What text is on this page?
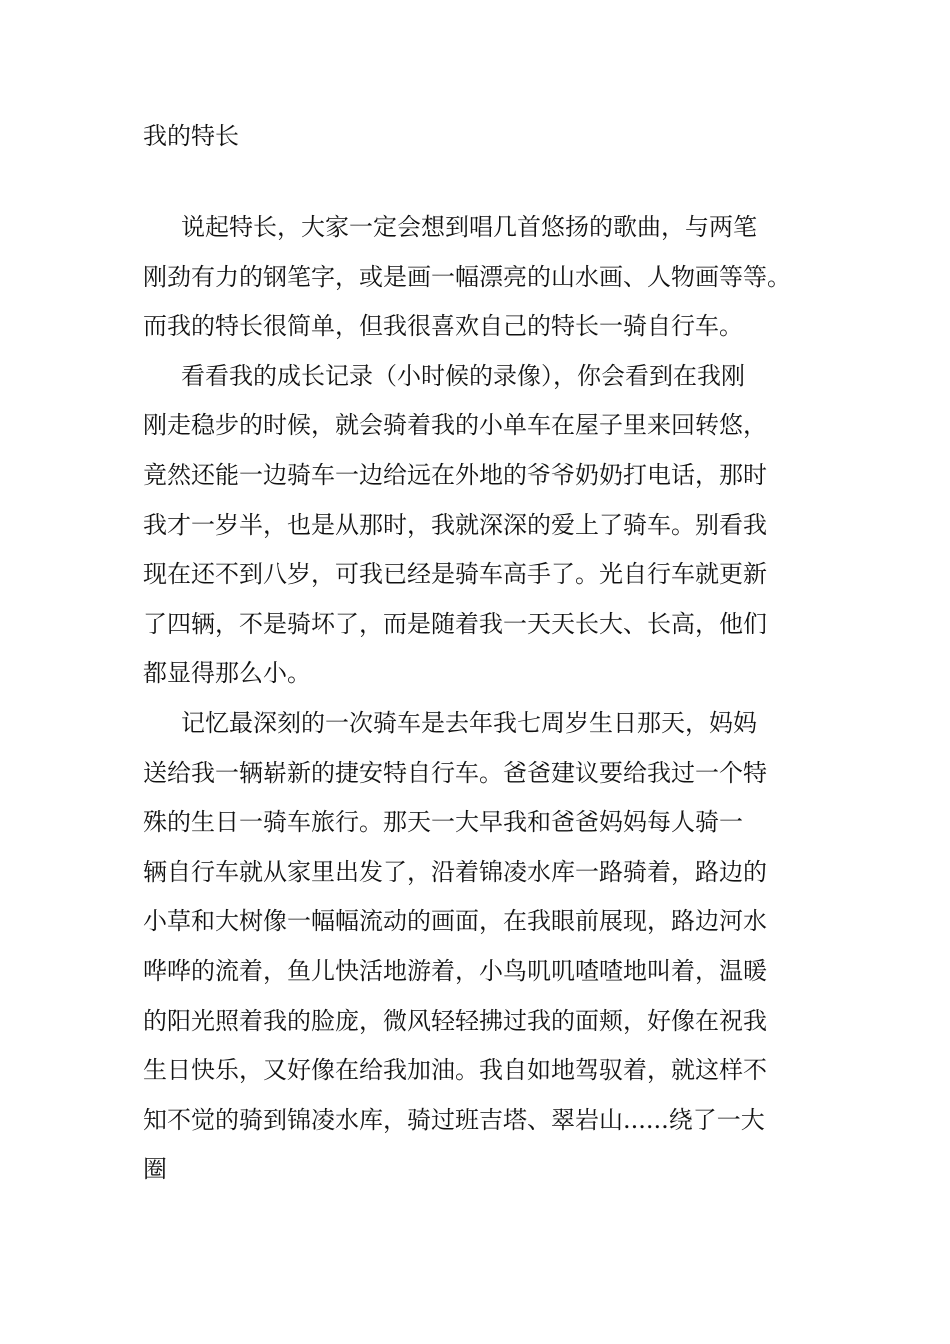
我的特长
说起特长，大家一定会想到唱几首悠扬的歌曲，与两笔
刚劲有力的钢笔字，或是画一幅漂亮的山水画、人物画等等。
而我的特长很简单，但我很喜欢自己的特长一骑自行车。
看看我的成长记录（小时候的录像），你会看到在我刚
刚走稳步的时候，就会骑着我的小单车在屋子里来回转悠，
竟然还能一边骑车一边给远在外地的爷爷奶奶打电话，那时
我才一岁半，也是从那时，我就深深的爱上了骑车。别看我
现在还不到八岁，可我已经是骑车高手了。光自行车就更新
了四辆，不是骑坏了，而是随着我一天天长大、长高，他们
都显得那么小。
记忆最深刻的一次骑车是去年我七周岁生日那天，妈妈
送给我一辆崭新的捷安特自行车。爸爸建议要给我过一个特
殊的生日一骑车旅行。那天一大早我和爸爸妈妈每人骑一
辆自行车就从家里出发了，沿着锦凌水库一路骑着，路边的
小草和大树像一幅幅流动的画面，在我眼前展现，路边河水
哗哗的流着，鱼儿快活地游着，小鸟叽叽喳喳地叫着，温暖
的阳光照着我的脸庞，微风轻轻拂过我的面颊，好像在祝我
生日快乐，又好像在给我加油。我自如地驾驭着，就这样不
知不觉的骑到锦凌水库，骑过班吉塔、翠岩山......绕了一大
圈
